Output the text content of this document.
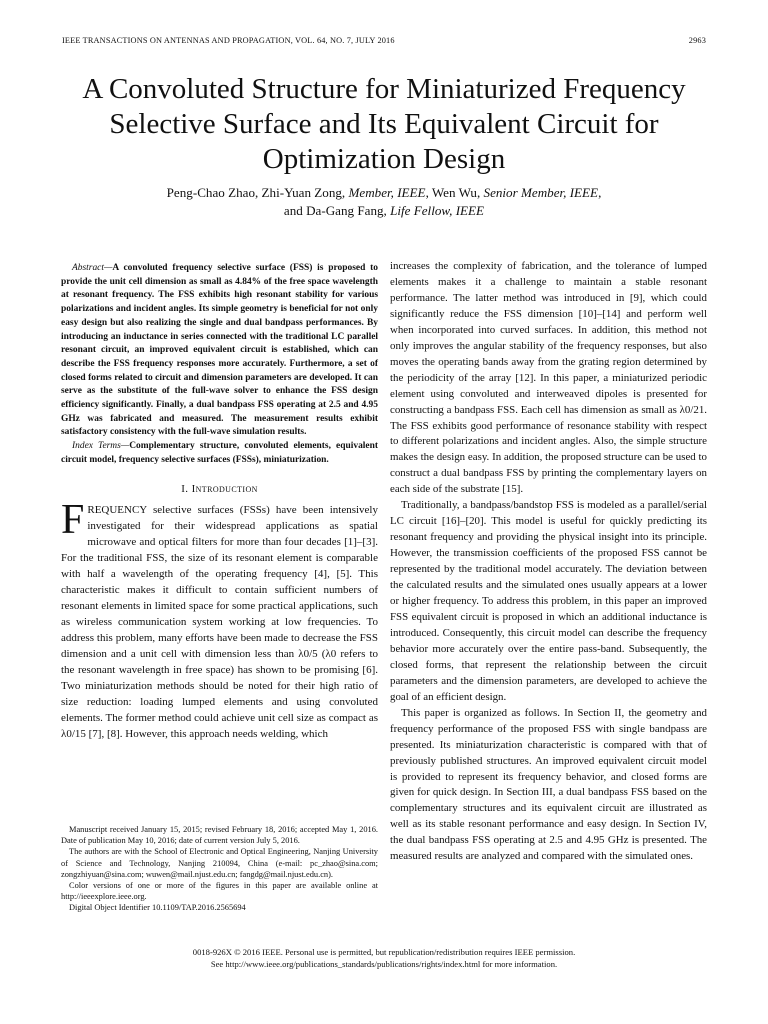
IEEE TRANSACTIONS ON ANTENNAS AND PROPAGATION, VOL. 64, NO. 7, JULY 2016	2963
A Convoluted Structure for Miniaturized Frequency
Selective Surface and Its Equivalent Circuit for
Optimization Design
Peng-Chao Zhao, Zhi-Yuan Zong, Member, IEEE, Wen Wu, Senior Member, IEEE,
and Da-Gang Fang, Life Fellow, IEEE

Abstract—A convoluted frequency selective surface (FSS) is proposed to provide the unit cell dimension as small as 4.84% of the free space wavelength at resonant frequency. The FSS exhibits high resonant stability for various polarizations and incident angles. Its simple geometry is beneficial for not only easy design but also realizing the single and dual bandpass performances. By introducing an inductance in series connected with the traditional LC parallel resonant circuit, an improved equivalent circuit is established, which can describe the FSS frequency responses more accurately. Furthermore, a set of closed forms related to circuit and dimension parameters are developed. It can serve as the substitute of the full-wave solver to enhance the FSS design efficiency significantly. Finally, a dual bandpass FSS operating at 2.5 and 4.95 GHz was fabricated and measured. The measurement results exhibit satisfactory consistency with the full-wave simulation results.

Index Terms—Complementary structure, convoluted elements, equivalent circuit model, frequency selective surfaces (FSSs), miniaturization.

I. Introduction

FREQUENCY selective surfaces (FSSs) have been intensively investigated for their widespread applications as spatial microwave and optical filters for more than four decades [1]–[3]. For the traditional FSS, the size of its resonant element is comparable with half a wavelength of the operating frequency [4], [5]. This characteristic makes it difficult to contain sufficient numbers of resonant elements in limited space for some practical applications, such as wireless communication system working at low frequencies. To address this problem, many efforts have been made to decrease the FSS dimension and a unit cell with dimension less than λ0/5 (λ0 refers to the resonant wavelength in free space) has shown to be promising [6]. Two miniaturization methods should be noted for their high ratio of size reduction: loading lumped elements and using convoluted elements. The former method could achieve unit cell size as compact as λ0/15 [7], [8]. However, this approach needs welding, which

increases the complexity of fabrication, and the tolerance of lumped elements makes it a challenge to maintain a stable resonant performance. The latter method was introduced in [9], which could significantly reduce the FSS dimension [10]–[14] and perform well when incorporated into curved surfaces. In addition, this method not only improves the angular stability of the frequency responses, but also moves the operating bands away from the grating region determined by the periodicity of the array [12]. In this paper, a miniaturized periodic element using convoluted and interweaved dipoles is presented for constructing a bandpass FSS. Each cell has dimension as small as λ0/21. The FSS exhibits good performance of resonance stability with respect to different polarizations and incident angles. Also, the simple structure makes the design easy. In addition, the proposed structure can be used to construct a dual bandpass FSS by printing the complementary layers on each side of the substrate [15].

Traditionally, a bandpass/bandstop FSS is modeled as a parallel/serial LC circuit [16]–[20]. This model is useful for quickly predicting its resonant frequency and providing the physical insight into its principle. However, the transmission coefficients of the proposed FSS cannot be represented by the traditional model accurately. The deviation between the calculated results and the simulated ones usually appears at a lower or higher frequency. To address this problem, in this paper an improved FSS equivalent circuit is proposed in which an additional inductance is introduced. Consequently, this circuit model can describe the frequency behavior more accurately over the entire pass-band. Subsequently, the closed forms, that represent the relationship between the circuit parameters and the dimension parameters, are developed to achieve the goal of an efficient design.

This paper is organized as follows. In Section II, the geometry and frequency performance of the proposed FSS with single bandpass are presented. Its miniaturization characteristic is compared with that of previously published structures. An improved equivalent circuit model is provided to represent its frequency behavior, and closed forms are given for quick design. In Section III, a dual bandpass FSS based on the complementary structures and its equivalent circuit are illustrated as well as its stable resonant performance and easy design. In Section IV, the dual bandpass FSS operating at 2.5 and 4.95 GHz is presented. The measured results are analyzed and compared with the simulated ones.

Manuscript received January 15, 2015; revised February 18, 2016; accepted May 1, 2016. Date of publication May 10, 2016; date of current version July 5, 2016.

The authors are with the School of Electronic and Optical Engineering, Nanjing University of Science and Technology, Nanjing 210094, China (e-mail: pc_zhao@sina.com; zongzhiyuan@sina.com; wuwen@mail.njust.edu.cn; fangdg@mail.njust.edu.cn).

Color versions of one or more of the figures in this paper are available online at http://ieeexplore.ieee.org.

Digital Object Identifier 10.1109/TAP.2016.2565694

0018-926X © 2016 IEEE. Personal use is permitted, but republication/redistribution requires IEEE permission.
See http://www.ieee.org/publications_standards/publications/rights/index.html for more information.
